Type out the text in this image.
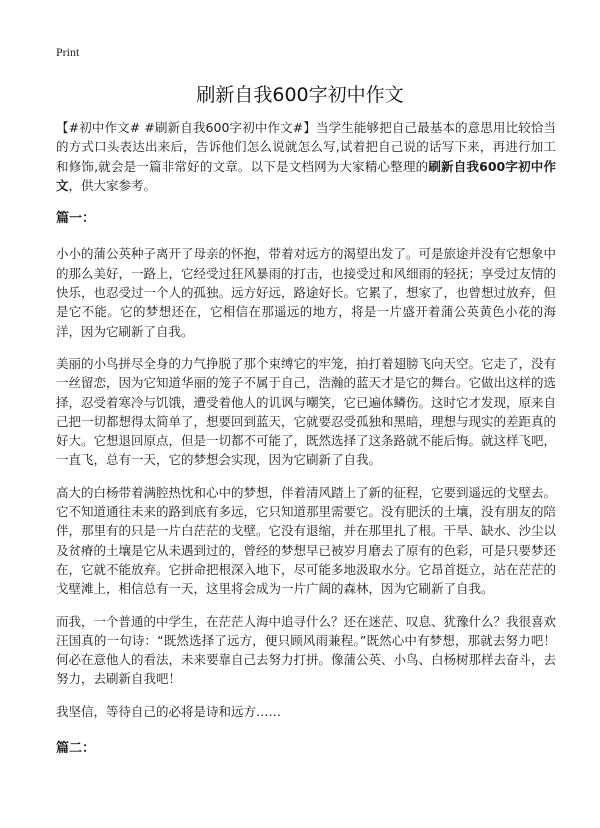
Print
刷新自我600字初中作文

【#初中作文# #刷新自我600字初中作文#】当学生能够把自己最基本的意思用比较恰当的方式口头表达出来后，告诉他们怎么说就怎么写,试着把自己说的话写下来，再进行加工和修饰,就会是一篇非常好的文章。以下是文档网为大家精心整理的刷新自我600字初中作文，供大家参考。

篇一：

小小的蒲公英种子离开了母亲的怀抱，带着对远方的渴望出发了。可是旅途并没有它想象中的那么美好，一路上，它经受过狂风暴雨的打击，也接受过和风细雨的轻抚；享受过友情的快乐，也忍受过一个人的孤独。远方好远，路途好长。它累了，想家了，也曾想过放弃，但是它不能。它的梦想还在，它相信在那遥远的地方，将是一片盛开着蒲公英黄色小花的海洋，因为它刷新了自我。

美丽的小鸟拼尽全身的力气挣脱了那个束缚它的牢笼，拍打着翅膀飞向天空。它走了，没有一丝留恋，因为它知道华丽的笼子不属于自己，浩瀚的蓝天才是它的舞台。它做出这样的选择，忍受着寒冷与饥饿，遭受着他人的讥讽与嘲笑，它已遍体鳞伤。这时它才发现，原来自己把一切都想得太简单了，想要回到蓝天，它就要忍受孤独和黑暗，理想与现实的差距真的好大。它想退回原点，但是一切都不可能了，既然选择了这条路就不能后悔。就这样飞吧，一直飞，总有一天，它的梦想会实现，因为它刷新了自我。

高大的白杨带着满腔热忱和心中的梦想，伴着清风踏上了新的征程，它要到遥远的戈壁去。它不知道通往未来的路到底有多远，它只知道那里需要它。没有肥沃的土壤，没有朋友的陪伴，那里有的只是一片白茫茫的戈壁。它没有退缩，并在那里扎了根。干旱、缺水、沙尘以及贫瘠的土壤是它从未遇到过的，曾经的梦想早已被岁月磨去了原有的色彩，可是只要梦还在，它就不能放弃。它拼命把根深入地下，尽可能多地汲取水分。它昂首挺立，站在茫茫的戈壁滩上，相信总有一天，这里将会成为一片广阔的森林，因为它刷新了自我。

而我，一个普通的中学生，在茫茫人海中追寻什么？还在迷茫、叹息、犹豫什么？我很喜欢汪国真的一句诗：“既然选择了远方，便只顾风雨兼程。”既然心中有梦想，那就去努力吧！何必在意他人的看法，未来要靠自己去努力打拼。像蒲公英、小鸟、白杨树那样去奋斗，去努力，去刷新自我吧！

我坚信，等待自己的必将是诗和远方……

篇二：
